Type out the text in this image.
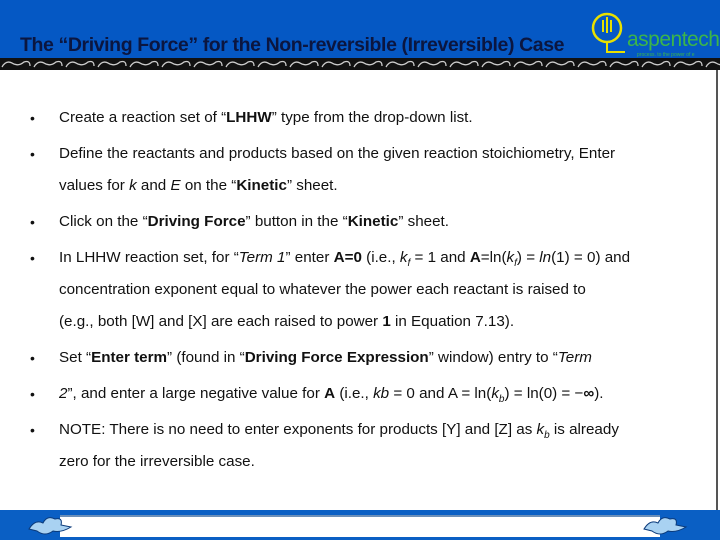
The “Driving Force” for the Non-reversible (Irreversible) Case	aspentech
process. to the power of e
• Create a reaction set of “LHHW” type from the drop-down list.
• Define the reactants and products based on the given reaction stoichiometry, Enter
values for k and E on the “Kinetic” sheet.
• Click on the “Driving Force” button in the “Kinetic” sheet.
• In LHHW reaction set, for “Term 1” enter A=0 (i.e., $k_f = 1$ and $A=\ln(k_f) = \ln(1) = 0$) and
concentration exponent equal to whatever the power each reactant is raised to
(e.g., both [W] and [X] are each raised to power 1 in Equation 7.13).
• Set “Enter term” (found in “Driving Force Expression” window) entry to “Term
• 2”, and enter a large negative value for A (i.e., kb = 0 and $A = \ln(k_b) = \ln(0)$ = −∞).
• NOTE: There is no need to enter exponents for products [Y] and [Z] as $k_b$ is already
zero for the irreversible case.
